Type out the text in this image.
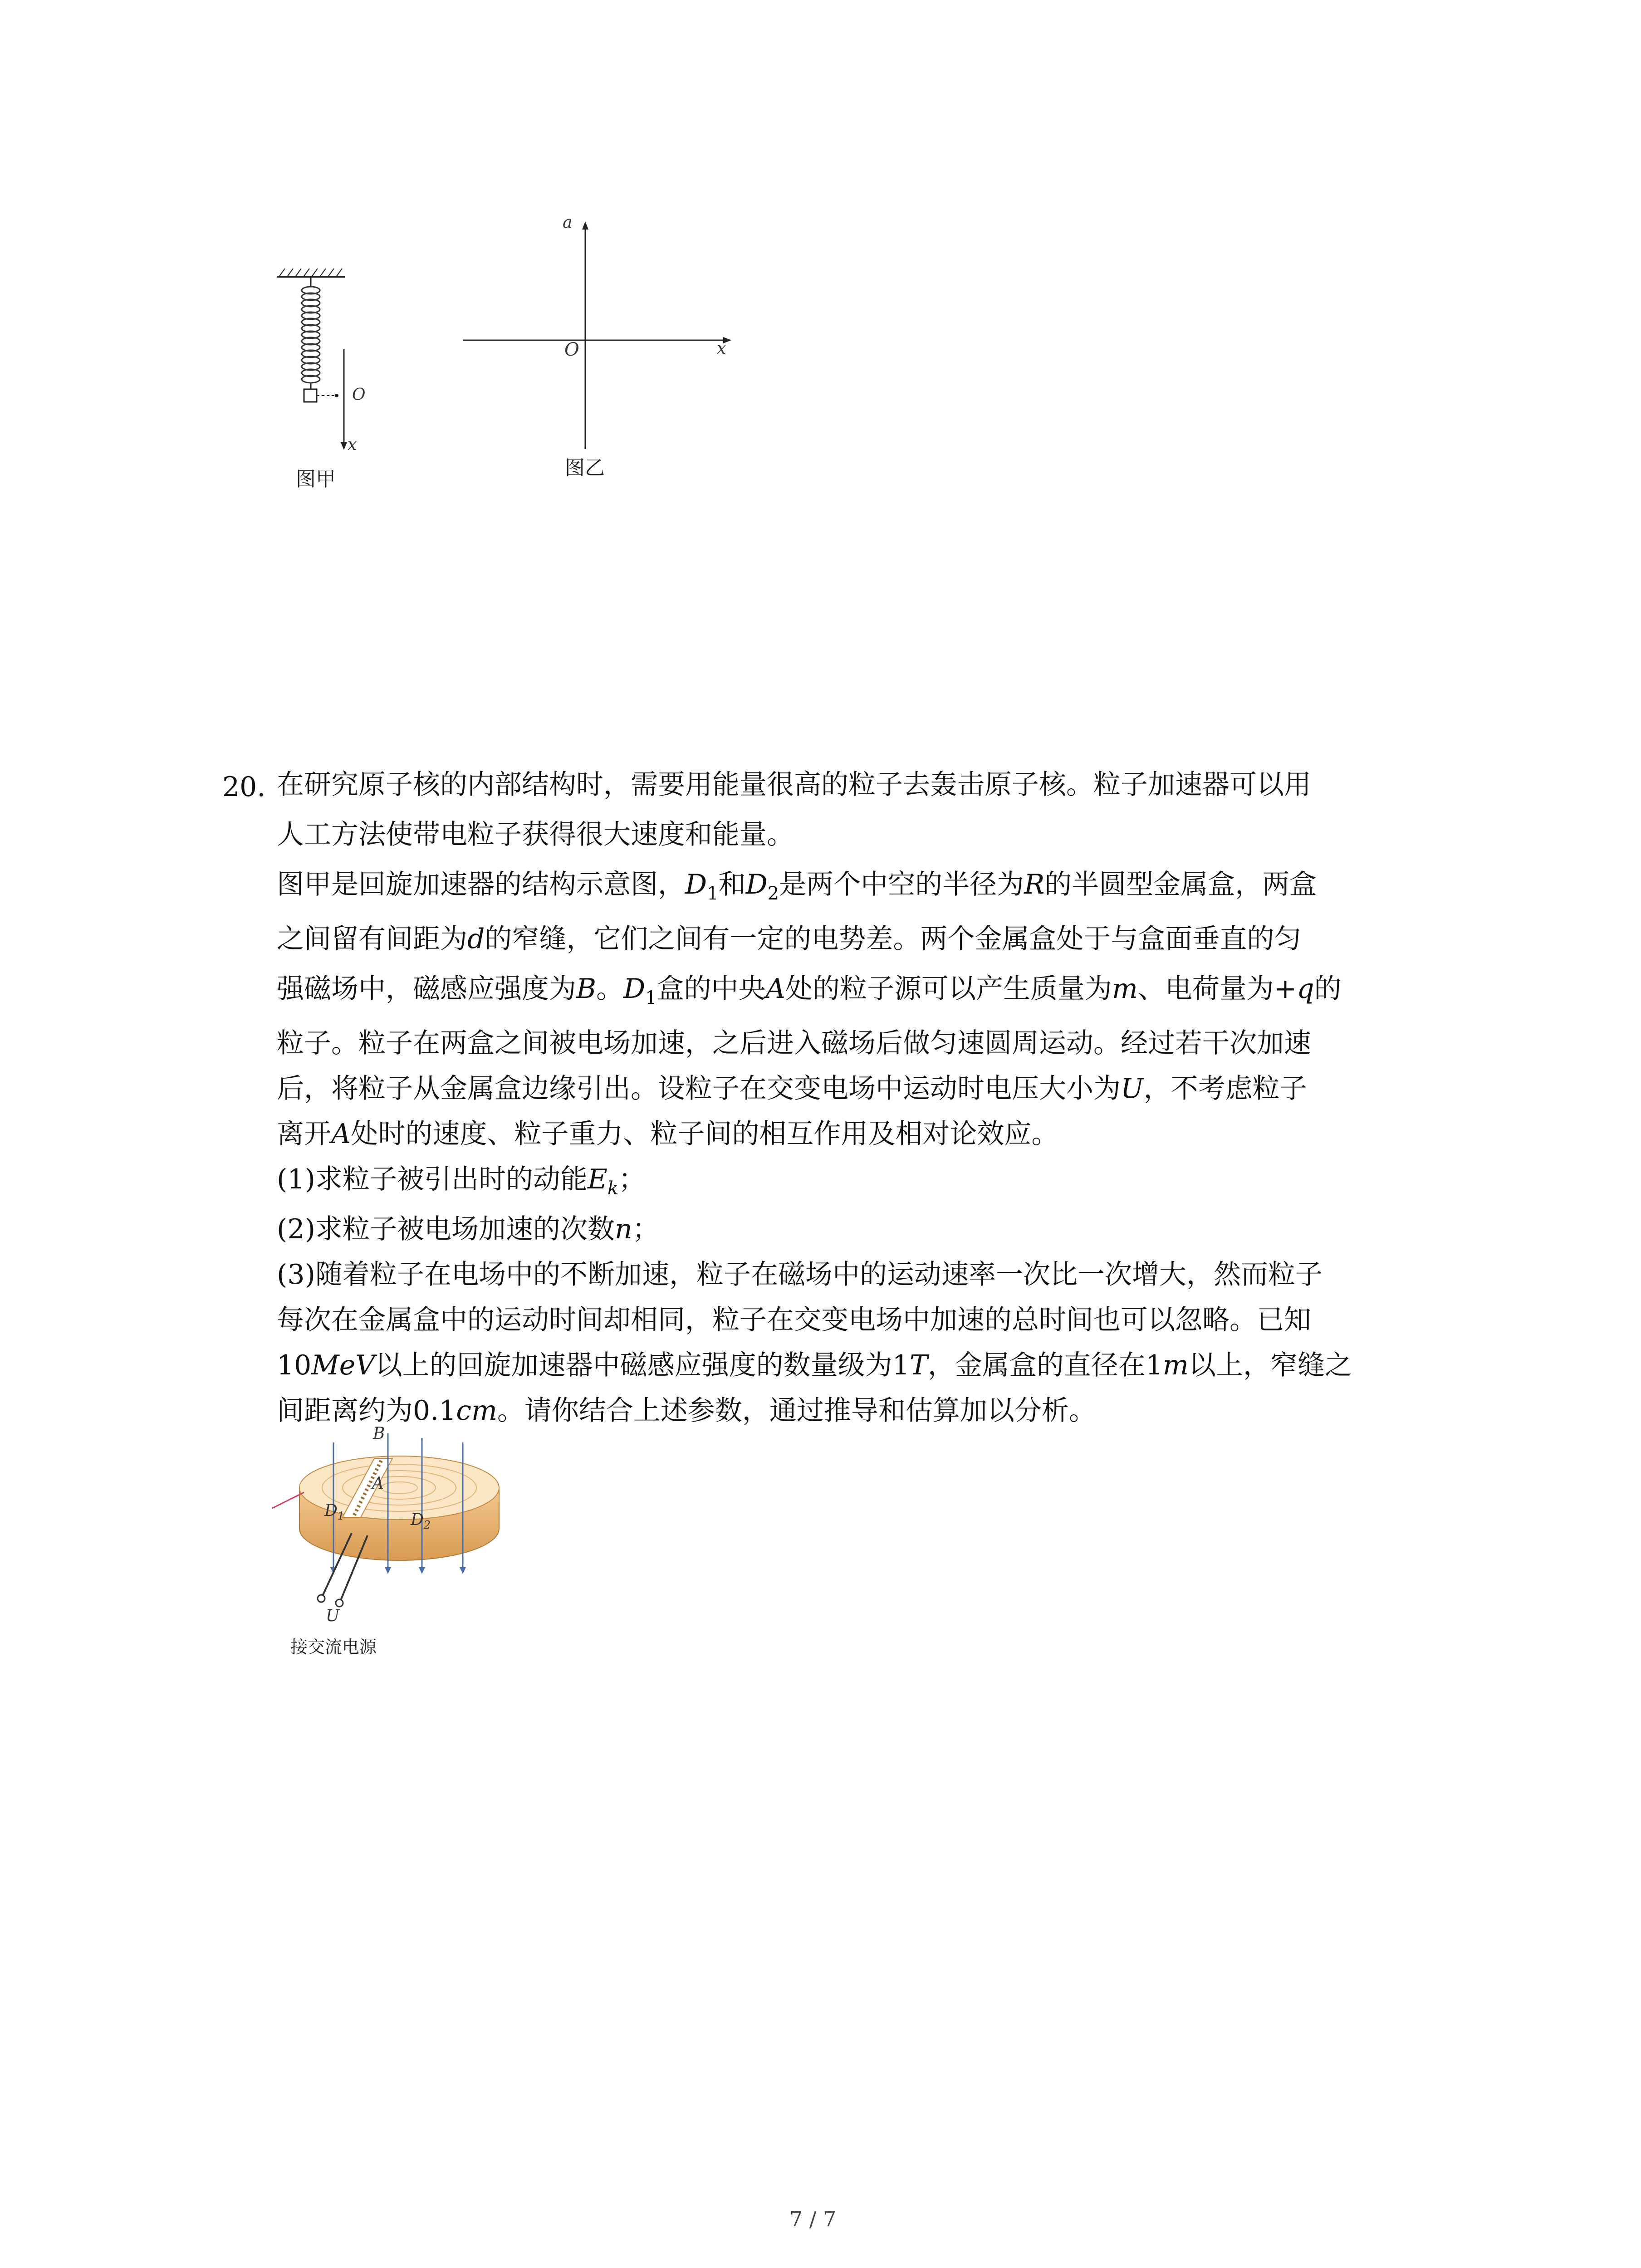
O
x
图甲
a
x
O
图乙
20. 在研究原子核的内部结构时，需要用能量很高的粒子去轰击原子核。粒子加速器可以用
人工方法使带电粒子获得很大速度和能量。
图甲是回旋加速器的结构示意图，$D_1$和$D_2$是两个中空的半径为R的半圆型金属盒，两盒
之间留有间距为d的窄缝，它们之间有一定的电势差。两个金属盒处于与盒面垂直的匀
强磁场中，磁感应强度为B。$D_1$盒的中央A处的粒子源可以产生质量为m、电荷量为+q的
粒子。粒子在两盒之间被电场加速，之后进入磁场后做匀速圆周运动。经过若干次加速
后，将粒子从金属盒边缘引出。设粒子在交变电场中运动时电压大小为U，不考虑粒子
离开A处时的速度、粒子重力、粒子间的相互作用及相对论效应。
(1)求粒子被引出时的动能$E_k$；
(2)求粒子被电场加速的次数n；
(3)随着粒子在电场中的不断加速，粒子在磁场中的运动速率一次比一次增大，然而粒子
每次在金属盒中的运动时间却相同，粒子在交变电场中加速的总时间也可以忽略。已知
10MeV以上的回旋加速器中磁感应强度的数量级为1T，金属盒的直径在1m以上，窄缝之
间距离约为0.1cm。请你结合上述参数，通过推导和估算加以分析。
B
A
$D_1$	$D_2$
U
接交流电源
7 / 7
